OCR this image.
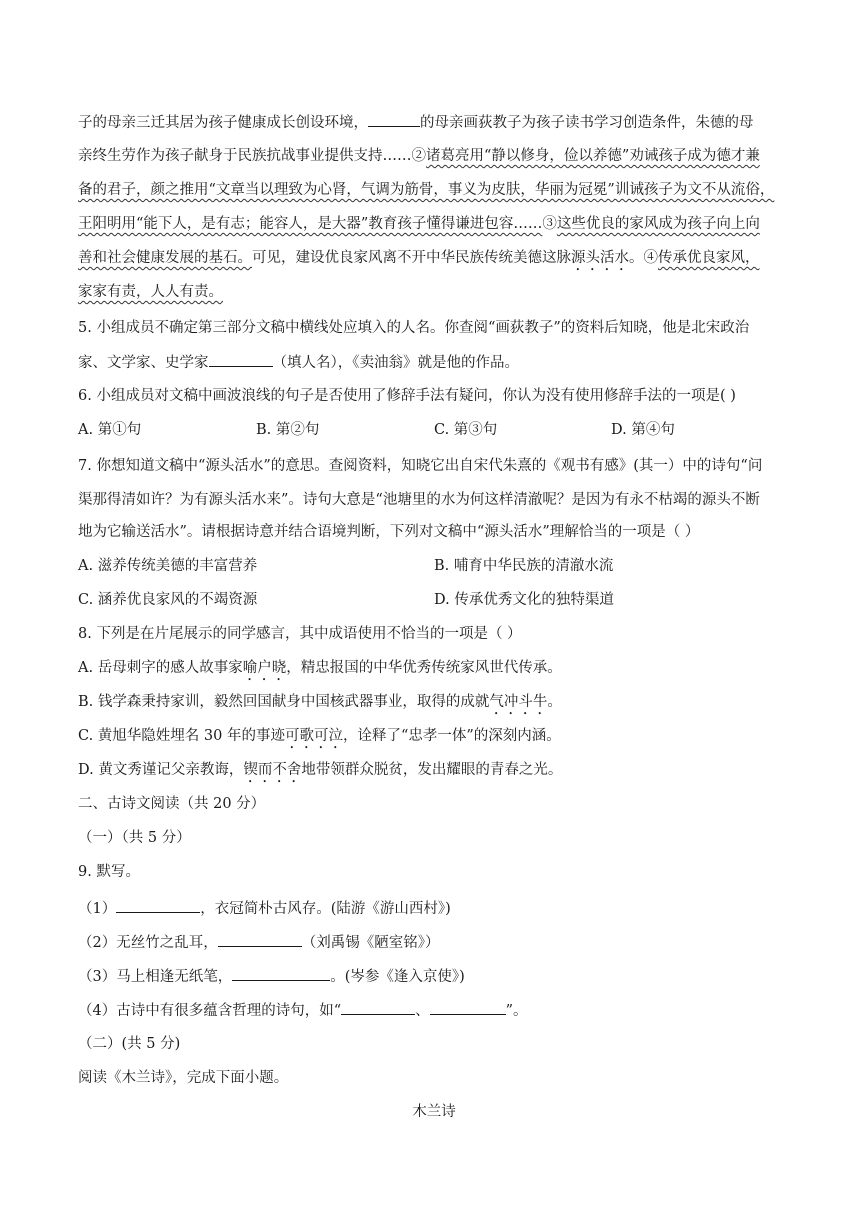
子的母亲三迁其居为孩子健康成长创设环境，	的母亲画荻教子为孩子读书学习创造条件，朱德的母
亲终生劳作为孩子献身于民族抗战事业提供支持……②诸葛亮用“静以修身，俭以养德”劝诫孩子成为德才兼
备的君子，颜之推用“文章当以理致为心肾，气调为筋骨，事义为皮肤，华丽为冠冕”训诫孩子为文不从流俗，
王阳明用“能下人，是有志；能容人，是大器”教育孩子懂得谦进包容……③这些优良的家风成为孩子向上向
善和社会健康发展的基石。可见，建设优良家风离不开中华民族传统美德这脉源头活水。④传承优良家风，
家家有责，人人有责。
5. 小组成员不确定第三部分文稿中横线处应填入的人名。你查阅“画荻教子”的资料后知晓，他是北宋政治
家、文学家、史学家	（填人名），《卖油翁》就是他的作品。
6. 小组成员对文稿中画波浪线的句子是否使用了修辞手法有疑问，你认为没有使用修辞手法的一项是( )
A. 第①句	B. 第②句	C. 第③句	D. 第④句
7. 你想知道文稿中“源头活水”的意思。查阅资料，知晓它出自宋代朱熹的《观书有感》(其一）中的诗句“问
渠那得清如许？为有源头活水来”。诗句大意是“池塘里的水为何这样清澈呢？是因为有永不枯竭的源头不断
地为它输送活水”。请根据诗意并结合语境判断，下列对文稿中“源头活水”理解恰当的一项是（ ）
A. 滋养传统美德的丰富营养	B. 哺育中华民族的清澈水流
C. 涵养优良家风的不竭资源	D. 传承优秀文化的独特渠道
8. 下列是在片尾展示的同学感言，其中成语使用不恰当的一项是（ ）
A. 岳母刺字的感人故事家喻户晓，精忠报国的中华优秀传统家风世代传承。
B. 钱学森秉持家训，毅然回国献身中国核武器事业，取得的成就气冲斗牛。
C. 黄旭华隐姓埋名 30 年的事迹可歌可泣，诠释了“忠孝一体”的深刻内涵。
D. 黄文秀谨记父亲教诲，锲而不舍地带领群众脱贫，发出耀眼的青春之光。
二、古诗文阅读（共 20 分）
（一）（共 5 分）
9. 默写。
（1）	，衣冠简朴古风存。(陆游《游山西村》)
（2）无丝竹之乱耳，	（刘禹锡《陋室铭》）
（3）马上相逢无纸笔，	。(岑参《逢入京使》)
（4）古诗中有很多蕴含哲理的诗句，如“	、	”。
（二）(共 5 分)
阅读《木兰诗》，完成下面小题。
木兰诗
